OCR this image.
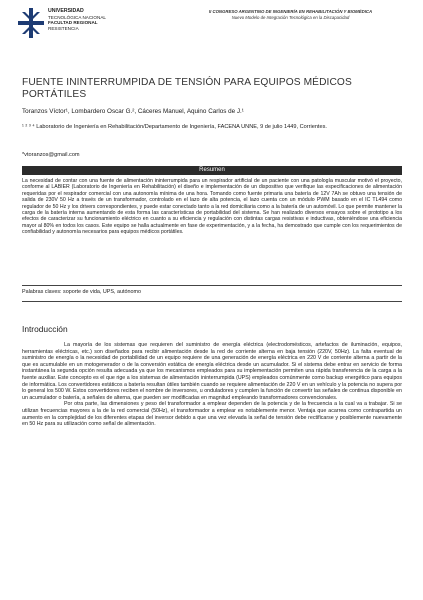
UNIVERSIDAD
TECNOLÓGICA NACIONAL
FACULTAD REGIONAL
RESISTENCIA
II CONGRESO ARGENTINO DE INGENIERÍA EN REHABILITACIÓN Y BIOMÉDICA
Nuevo Modelo de Integración Tecnológica en la Discapacidad
FUENTE ININTERRUMPIDA DE TENSIÓN PARA EQUIPOS MÉDICOS PORTÁTILES
Toranzos Víctor¹, Lombardero Oscar G.², Cáceres Manuel, Aquino Carlos de J.¹
¹ ² ³ ⁴ Laboratorio de Ingeniería en Rehabilitación/Departamento de Ingeniería, FACENA UNNE, 9 de julio 1449, Corrientes.
*vtoranzos@gmail.com
Resumen
La necesidad de contar con una fuente de alimentación ininterrumpida para un respirador artificial de un paciente con una patología muscular motivó el proyecto, conforme al LABIER (Laboratorio de Ingeniería en Rehabilitación) el diseño e implementación de un dispositivo que verifique las especificaciones de alimentación requeridas por el respirador comercial con una autonomía mínima de una hora. Tomando como fuente primaria una batería de 12V 7Ah se obtuvo una tensión de salida de 230V 50 Hz a través de un transformador, controlado en el lazo de alta potencia, el lazo cuenta con un módulo PWM basado en el IC TL494 como regulador de 50 Hz y los drivers correspondientes, y puede estar conectado tanto a la red domiciliaria como a la batería de un automóvil. Lo que permite mantener la carga de la batería interna aumentando de esta forma las características de portabilidad del sistema. Se han realizado diversos ensayos sobre el prototipo a los efectos de caracterizar su funcionamiento eléctrico en cuanto a su eficiencia y regulación con distintas cargas resistivas e inductivas, obteniéndose una eficiencia mayor al 80% en todos los casos. Este equipo se halla actualmente en fase de experimentación, y a la fecha, ha demostrado que cumple con los requerimientos de confiabilidad y autonomía necesarios para equipos médicos portátiles.
Palabras claves: soporte de vida, UPS, autónomo
Introducción

La mayoría de los sistemas que requieren del suministro de energía eléctrica (electrodomésticos, artefactos de iluminación, equipos, herramientas eléctricas, etc.) son diseñados para recibir alimentación desde la red de corriente alterna en baja tensión (220V, 50Hz). La falta eventual de suministro de energía o la necesidad de portabilidad de un equipo requiere de una generación de energía eléctrica en 220 V de corriente alterna a partir de la que es acumulable en un motogenerador o de la conversión estática de energía eléctrica desde un acumulador. Si el sistema debe entrar en servicio de forma instantánea la segunda opción resulta adecuada ya que los mecanismos empleados para su implementación permiten una rápida transferencia de la carga a la fuente auxiliar. Este concepto es el que rige a los sistemas de alimentación ininterrumpida (UPS) empleados comúnmente como backup energético para equipos de informática. Los convertidores estáticos a batería resultan útiles también cuando se requiere alimentación de 220 V en un vehículo y la potencia no supera por lo general los 500 W. Estos convertidores reciben el nombre de inversores, u onduladores y cumplen la función de convertir las señales de continua disponible en un acumulador o batería, a señales de alterna, que pueden ser modificadas en magnitud empleando transformadores convencionales.

Por otra parte, las dimensiones y peso del transformador a emplear dependen de la potencia y de la frecuencia a la cual va a trabajar. Si se utilizan frecuencias mayores a la de la red comercial (50Hz), el transformador a emplear es notablemente menor. Ventaja que acarrea como contrapartida un aumento en la complejidad de los diferentes etapas del inversor debido a que una vez elevada la señal de tensión debe rectificarse y posiblemente nuevamente en 50 Hz para su utilización como señal de alimentación.
